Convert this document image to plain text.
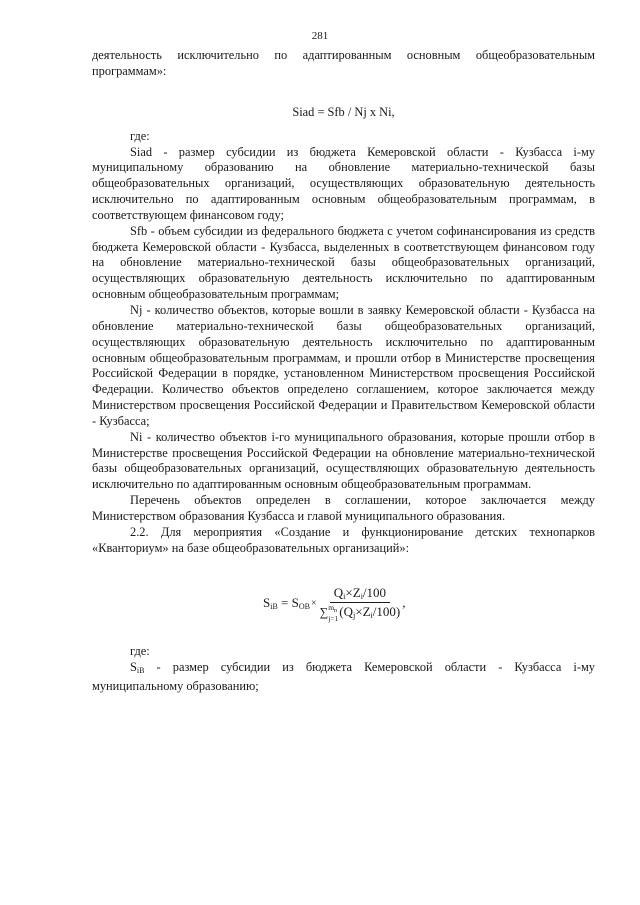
281

деятельность исключительно по адаптированным основным общеобразовательным программам»:

Siad = Sfb / Nj x Ni,

где:

Siad - размер субсидии из бюджета Кемеровской области - Кузбасса i-му муниципальному образованию на обновление материально-технической базы общеобразовательных организаций, осуществляющих образовательную деятельность исключительно по адаптированным основным общеобразовательным программам, в соответствующем финансовом году;

Sfb - объем субсидии из федерального бюджета с учетом софинансирования из средств бюджета Кемеровской области - Кузбасса, выделенных в соответствующем финансовом году на обновление материально-технической базы общеобразовательных организаций, осуществляющих образовательную деятельность исключительно по адаптированным основным общеобразовательным программам;

Nj - количество объектов, которые вошли в заявку Кемеровской области - Кузбасса на обновление материально-технической базы общеобразовательных организаций, осуществляющих образовательную деятельность исключительно по адаптированным основным общеобразовательным программам, и прошли отбор в Министерстве просвещения Российской Федерации в порядке, установленном Министерством просвещения Российской Федерации. Количество объектов определено соглашением, которое заключается между Министерством просвещения Российской Федерации и Правительством Кемеровской области - Кузбасса;

Ni - количество объектов i-го муниципального образования, которые прошли отбор в Министерстве просвещения Российской Федерации на обновление материально-технической базы общеобразовательных организаций, осуществляющих образовательную деятельность исключительно по адаптированным основным общеобразовательным программам.

Перечень объектов определен в соглашении, которое заключается между Министерством образования Кузбасса и главой муниципального образования.

2.2. Для мероприятия «Создание и функционирование детских технопарков «Кванториум» на базе общеобразовательных организаций»:

$S_{iВ} = S_{ОВ} \times Q_i\times Z_i/100$
∑ $m_n$
j=1 $(Q_j\times Z_i/100)$ ,

где:

$S_{iВ}$ - размер субсидии из бюджета Кемеровской области - Кузбасса i-му муниципальному образованию;
